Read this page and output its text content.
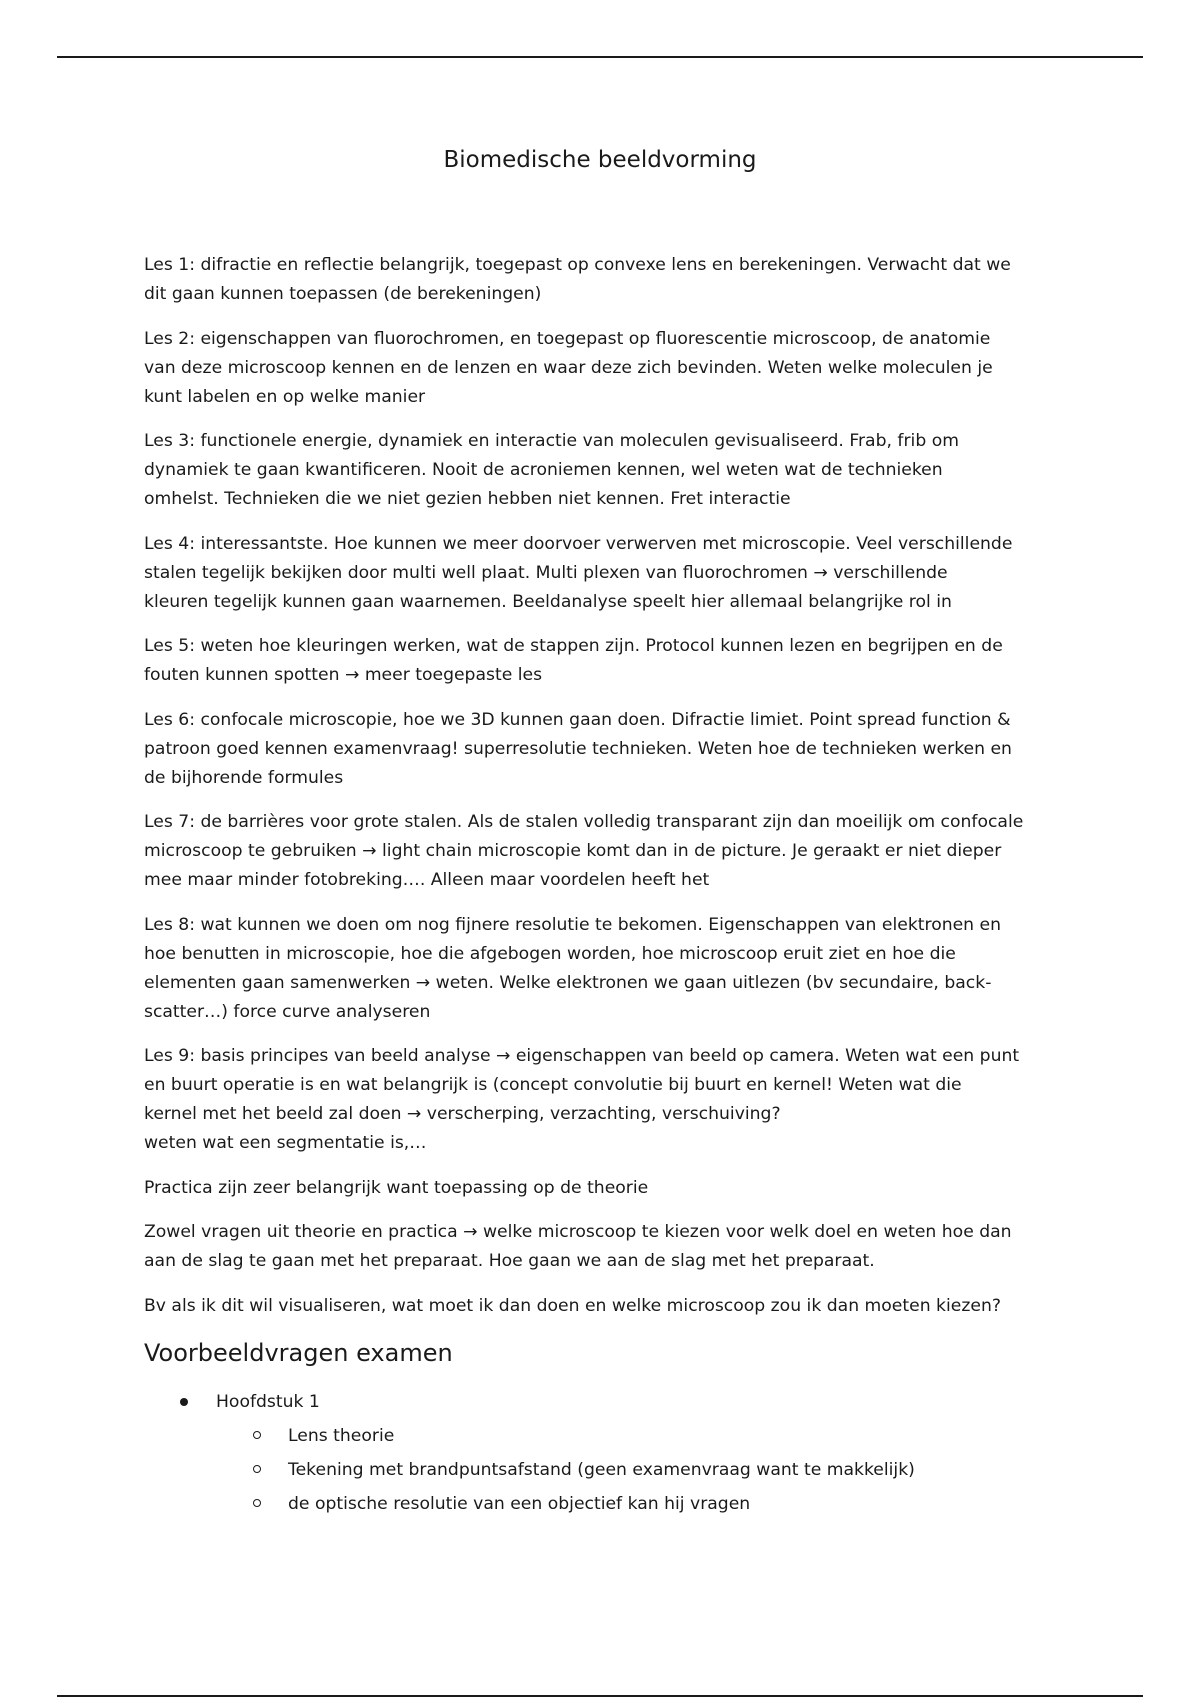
Biomedische beeldvorming

Les 1: difractie en reflectie belangrijk, toegepast op convexe lens en berekeningen. Verwacht dat we
dit gaan kunnen toepassen (de berekeningen)

Les 2: eigenschappen van fluorochromen, en toegepast op fluorescentie microscoop, de anatomie
van deze microscoop kennen en de lenzen en waar deze zich bevinden. Weten welke moleculen je
kunt labelen en op welke manier

Les 3: functionele energie, dynamiek en interactie van moleculen gevisualiseerd. Frab, frib om
dynamiek te gaan kwantificeren. Nooit de acroniemen kennen, wel weten wat de technieken
omhelst. Technieken die we niet gezien hebben niet kennen. Fret interactie

Les 4: interessantste. Hoe kunnen we meer doorvoer verwerven met microscopie. Veel verschillende
stalen tegelijk bekijken door multi well plaat. Multi plexen van fluorochromen → verschillende
kleuren tegelijk kunnen gaan waarnemen. Beeldanalyse speelt hier allemaal belangrijke rol in

Les 5: weten hoe kleuringen werken, wat de stappen zijn. Protocol kunnen lezen en begrijpen en de
fouten kunnen spotten → meer toegepaste les

Les 6: confocale microscopie, hoe we 3D kunnen gaan doen. Difractie limiet. Point spread function &
patroon goed kennen examenvraag! superresolutie technieken. Weten hoe de technieken werken en
de bijhorende formules

Les 7: de barrières voor grote stalen. Als de stalen volledig transparant zijn dan moeilijk om confocale
microscoop te gebruiken → light chain microscopie komt dan in de picture. Je geraakt er niet dieper
mee maar minder fotobreking…. Alleen maar voordelen heeft het

Les 8: wat kunnen we doen om nog fijnere resolutie te bekomen. Eigenschappen van elektronen en
hoe benutten in microscopie, hoe die afgebogen worden, hoe microscoop eruit ziet en hoe die
elementen gaan samenwerken → weten. Welke elektronen we gaan uitlezen (bv secundaire, back-
scatter…) force curve analyseren

Les 9: basis principes van beeld analyse → eigenschappen van beeld op camera. Weten wat een punt
en buurt operatie is en wat belangrijk is (concept convolutie bij buurt en kernel! Weten wat die
kernel met het beeld zal doen → verscherping, verzachting, verschuiving?
weten wat een segmentatie is,…

Practica zijn zeer belangrijk want toepassing op de theorie

Zowel vragen uit theorie en practica → welke microscoop te kiezen voor welk doel en weten hoe dan
aan de slag te gaan met het preparaat. Hoe gaan we aan de slag met het preparaat.

Bv als ik dit wil visualiseren, wat moet ik dan doen en welke microscoop zou ik dan moeten kiezen?

Voorbeeldvragen examen
Hoofdstuk 1
Lens theorie
Tekening met brandpuntsafstand (geen examenvraag want te makkelijk)
de optische resolutie van een objectief kan hij vragen
